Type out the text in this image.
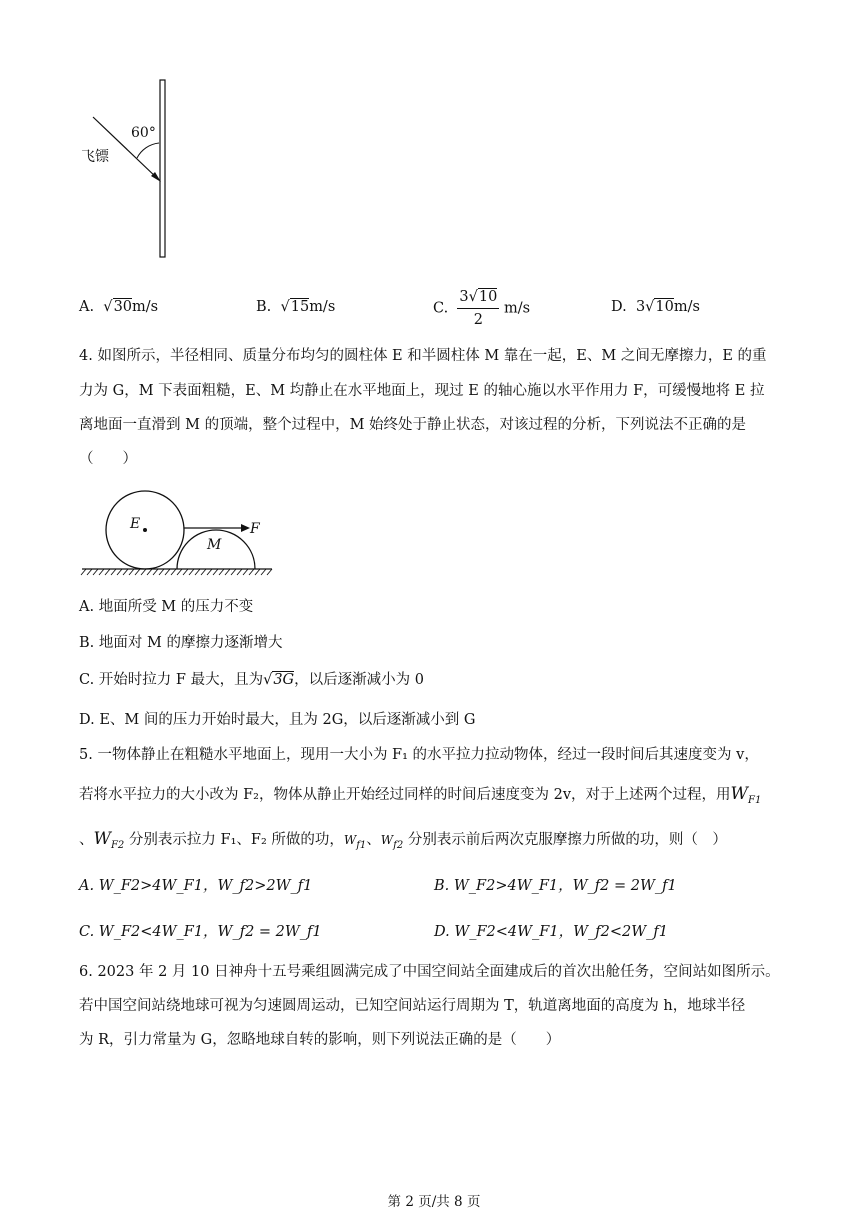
60°
飞镖
A.  √30m/s	B.  √15m/s	C. $\frac{3√10}{2} m/s$	D. 3√10m/s
4. 如图所示，半径相同、质量分布均匀的圆柱体 E 和半圆柱体 M 靠在一起，E、M 之间无摩擦力，E 的重
力为 G，M 下表面粗糙，E、M 均静止在水平地面上，现过 E 的轴心施以水平作用力 F，可缓慢地将 E 拉
离地面一直滑到 M 的顶端，整个过程中，M 始终处于静止状态，对该过程的分析，下列说法不正确的是
（　　）
E
M
F
A. 地面所受 M 的压力不变
B. 地面对 M 的摩擦力逐渐增大
C. 开始时拉力 F 最大，且为√3G，以后逐渐减小为 0
D. E、M 间的压力开始时最大，且为 2G，以后逐渐减小到 G
5. 一物体静止在粗糙水平地面上，现用一大小为 F₁ 的水平拉力拉动物体，经过一段时间后其速度变为 v，
若将水平拉力的大小改为 F₂，物体从静止开始经过同样的时间后速度变为 2v，对于上述两个过程，用$W_{F1}$
、$W_{F2}$ 分别表示拉力 F₁、F₂ 所做的功，$W_{f1}$、$W_{f2}$ 分别表示前后两次克服摩擦力所做的功，则（　）
A. W_F2>4W_F1，W_f2>2W_f1	B. W_F2>4W_F1，W_f2 = 2W_f1
C. W_F2<4W_F1，W_f2 = 2W_f1	D. W_F2<4W_F1，W_f2<2W_f1
6. 2023 年 2 月 10 日神舟十五号乘组圆满完成了中国空间站全面建成后的首次出舱任务，空间站如图所示。
若中国空间站绕地球可视为匀速圆周运动，已知空间站运行周期为 T，轨道离地面的高度为 h，地球半径
为 R，引力常量为 G，忽略地球自转的影响，则下列说法正确的是（　　）
第 2 页/共 8 页
